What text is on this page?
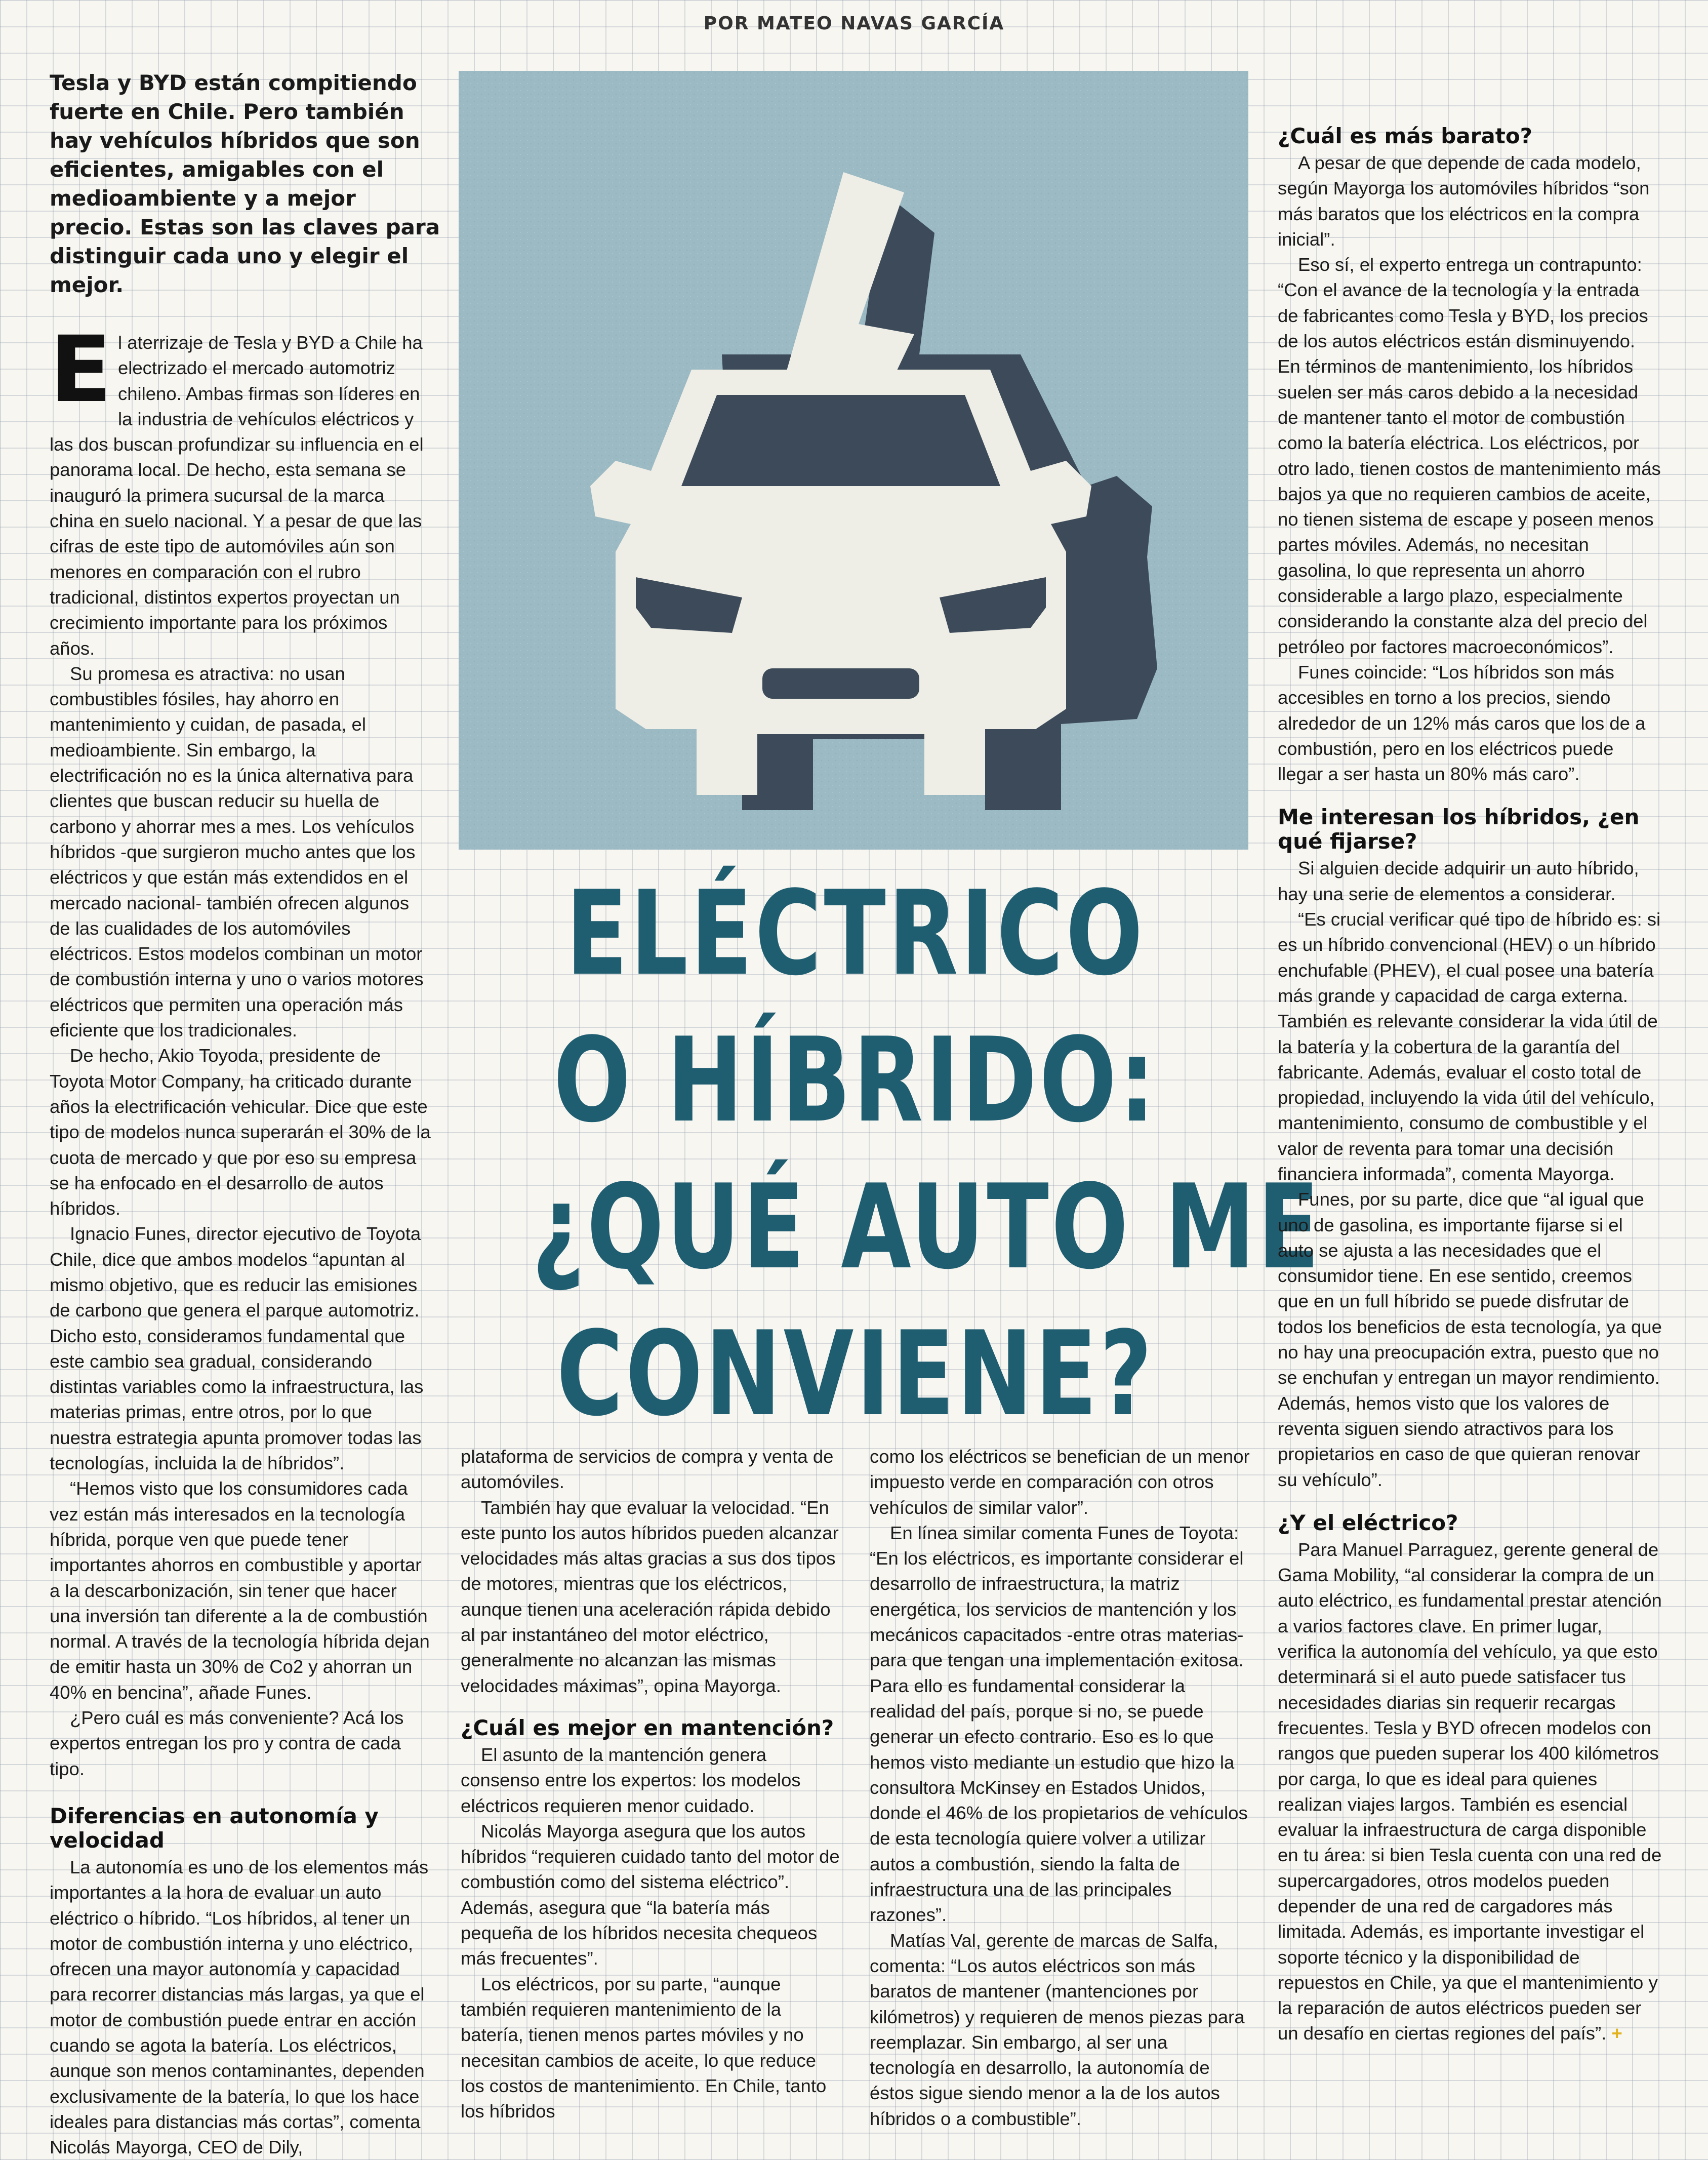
POR MATEO NAVAS GARCÍA
Tesla y BYD están compitiendo fuerte en Chile. Pero también hay vehículos híbridos que son eficientes, amigables con el medioambiente y a mejor precio. Estas son las claves para distinguir cada uno y elegir el mejor.
ELÉCTRICO
O HÍBRIDO:
¿QUÉ AUTO ME
CONVIENE?

El aterrizaje de Tesla y BYD a Chile ha electrizado el mercado automotriz chileno. Ambas firmas son líderes en la industria de vehículos eléctricos y las dos buscan profundizar su influencia en el panorama local. De hecho, esta semana se inauguró la primera sucursal de la marca china en suelo nacional. Y a pesar de que las cifras de este tipo de automóviles aún son menores en comparación con el rubro tradicional, distintos expertos proyectan un crecimiento importante para los próximos años.

Su promesa es atractiva: no usan combustibles fósiles, hay ahorro en mantenimiento y cuidan, de pasada, el medioambiente. Sin embargo, la electrificación no es la única alternativa para clientes que buscan reducir su huella de carbono y ahorrar mes a mes. Los vehículos híbridos -que surgieron mucho antes que los eléctricos y que están más extendidos en el mercado nacional- también ofrecen algunos de las cualidades de los automóviles eléctricos. Estos modelos combinan un motor de combustión interna y uno o varios motores eléctricos que permiten una operación más eficiente que los tradicionales.

De hecho, Akio Toyoda, presidente de Toyota Motor Company, ha criticado durante años la electrificación vehicular. Dice que este tipo de modelos nunca superarán el 30% de la cuota de mercado y que por eso su empresa se ha enfocado en el desarrollo de autos híbridos.

Ignacio Funes, director ejecutivo de Toyota Chile, dice que ambos modelos “apuntan al mismo objetivo, que es reducir las emisiones de carbono que genera el parque automotriz. Dicho esto, consideramos fundamental que este cambio sea gradual, considerando distintas variables como la infraestructura, las materias primas, entre otros, por lo que nuestra estrategia apunta promover todas las tecnologías, incluida la de híbridos”.

“Hemos visto que los consumidores cada vez están más interesados en la tecnología híbrida, porque ven que puede tener importantes ahorros en combustible y aportar a la descarbonización, sin tener que hacer una inversión tan diferente a la de combustión normal. A través de la tecnología híbrida dejan de emitir hasta un 30% de Co2 y ahorran un 40% en bencina”, añade Funes.

¿Pero cuál es más conveniente? Acá los expertos entregan los pro y contra de cada tipo.

Diferencias en autonomía y velocidad

La autonomía es uno de los elementos más importantes a la hora de evaluar un auto eléctrico o híbrido. “Los híbridos, al tener un motor de combustión interna y uno eléctrico, ofrecen una mayor autonomía y capacidad para recorrer distancias más largas, ya que el motor de combustión puede entrar en acción cuando se agota la batería. Los eléctricos, aunque son menos contaminantes, dependen exclusivamente de la batería, lo que los hace ideales para distancias más cortas”, comenta Nicolás Mayorga, CEO de Dily,

plataforma de servicios de compra y venta de automóviles.

También hay que evaluar la velocidad. “En este punto los autos híbridos pueden alcanzar velocidades más altas gracias a sus dos tipos de motores, mientras que los eléctricos, aunque tienen una aceleración rápida debido al par instantáneo del motor eléctrico, generalmente no alcanzan las mismas velocidades máximas”, opina Mayorga.

¿Cuál es mejor en mantención?

El asunto de la mantención genera consenso entre los expertos: los modelos eléctricos requieren menor cuidado.

Nicolás Mayorga asegura que los autos híbridos “requieren cuidado tanto del motor de combustión como del sistema eléctrico”. Además, asegura que “la batería más pequeña de los híbridos necesita chequeos más frecuentes”.

Los eléctricos, por su parte, “aunque también requieren mantenimiento de la batería, tienen menos partes móviles y no necesitan cambios de aceite, lo que reduce los costos de mantenimiento. En Chile, tanto los híbridos

como los eléctricos se benefician de un menor impuesto verde en comparación con otros vehículos de similar valor”.

En línea similar comenta Funes de Toyota: “En los eléctricos, es importante considerar el desarrollo de infraestructura, la matriz energética, los servicios de mantención y los mecánicos capacitados -entre otras materias- para que tengan una implementación exitosa. Para ello es fundamental considerar la realidad del país, porque si no, se puede generar un efecto contrario. Eso es lo que hemos visto mediante un estudio que hizo la consultora McKinsey en Estados Unidos, donde el 46% de los propietarios de vehículos de esta tecnología quiere volver a utilizar autos a combustión, siendo la falta de infraestructura una de las principales razones”.

Matías Val, gerente de marcas de Salfa, comenta: “Los autos eléctricos son más baratos de mantener (mantenciones por kilómetros) y requieren de menos piezas para reemplazar. Sin embargo, al ser una tecnología en desarrollo, la autonomía de éstos sigue siendo menor a la de los autos híbridos o a combustible”.

¿Cuál es más barato?

A pesar de que depende de cada modelo, según Mayorga los automóviles híbridos “son más baratos que los eléctricos en la compra inicial”.

Eso sí, el experto entrega un contrapunto: “Con el avance de la tecnología y la entrada de fabricantes como Tesla y BYD, los precios de los autos eléctricos están disminuyendo. En términos de mantenimiento, los híbridos suelen ser más caros debido a la necesidad de mantener tanto el motor de combustión como la batería eléctrica. Los eléctricos, por otro lado, tienen costos de mantenimiento más bajos ya que no requieren cambios de aceite, no tienen sistema de escape y poseen menos partes móviles. Además, no necesitan gasolina, lo que representa un ahorro considerable a largo plazo, especialmente considerando la constante alza del precio del petróleo por factores macroeconómicos”.

Funes coincide: “Los híbridos son más accesibles en torno a los precios, siendo alrededor de un 12% más caros que los de a combustión, pero en los eléctricos puede llegar a ser hasta un 80% más caro”.

Me interesan los híbridos, ¿en qué fijarse?

Si alguien decide adquirir un auto híbrido, hay una serie de elementos a considerar.

“Es crucial verificar qué tipo de híbrido es: si es un híbrido convencional (HEV) o un híbrido enchufable (PHEV), el cual posee una batería más grande y capacidad de carga externa. También es relevante considerar la vida útil de la batería y la cobertura de la garantía del fabricante. Además, evaluar el costo total de propiedad, incluyendo la vida útil del vehículo, mantenimiento, consumo de combustible y el valor de reventa para tomar una decisión financiera informada”, comenta Mayorga.

Funes, por su parte, dice que “al igual que uno de gasolina, es importante fijarse si el auto se ajusta a las necesidades que el consumidor tiene. En ese sentido, creemos que en un full híbrido se puede disfrutar de todos los beneficios de esta tecnología, ya que no hay una preocupación extra, puesto que no se enchufan y entregan un mayor rendimiento. Además, hemos visto que los valores de reventa siguen siendo atractivos para los propietarios en caso de que quieran renovar su vehículo”.

¿Y el eléctrico?

Para Manuel Parraguez, gerente general de Gama Mobility, “al considerar la compra de un auto eléctrico, es fundamental prestar atención a varios factores clave. En primer lugar, verifica la autonomía del vehículo, ya que esto determinará si el auto puede satisfacer tus necesidades diarias sin requerir recargas frecuentes. Tesla y BYD ofrecen modelos con rangos que pueden superar los 400 kilómetros por carga, lo que es ideal para quienes realizan viajes largos. También es esencial evaluar la infraestructura de carga disponible en tu área: si bien Tesla cuenta con una red de supercargadores, otros modelos pueden depender de una red de cargadores más limitada. Además, es importante investigar el soporte técnico y la disponibilidad de repuestos en Chile, ya que el mantenimiento y la reparación de autos eléctricos pueden ser un desafío en ciertas regiones del país”. +
